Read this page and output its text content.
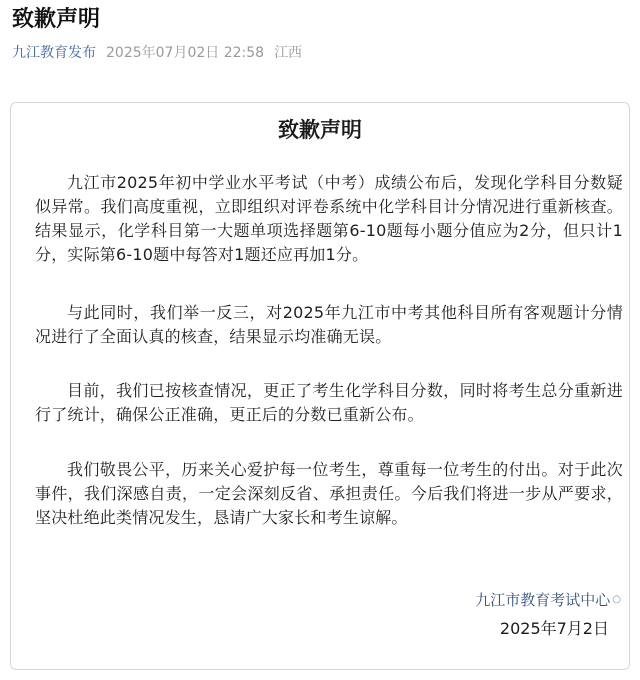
致歉声明
九江教育发布 2025年07月02日 22:58 江西
致歉声明

九江市2025年初中学业水平考试（中考）成绩公布后，发现化学科目分数疑似异常。我们高度重视，立即组织对评卷系统中化学科目计分情况进行重新核查。结果显示，化学科目第一大题单项选择题第6-10题每小题分值应为2分，但只计1分，实际第6-10题中每答对1题还应再加1分。

与此同时，我们举一反三，对2025年九江市中考其他科目所有客观题计分情况进行了全面认真的核查，结果显示均准确无误。

目前，我们已按核查情况，更正了考生化学科目分数，同时将考生总分重新进行了统计，确保公正准确，更正后的分数已重新公布。

我们敬畏公平，历来关心爱护每一位考生，尊重每一位考生的付出。对于此次事件，我们深感自责，一定会深刻反省、承担责任。今后我们将进一步从严要求，坚决杜绝此类情况发生，恳请广大家长和考生谅解。

九江市教育考试中心 ○
2025年7月2日
